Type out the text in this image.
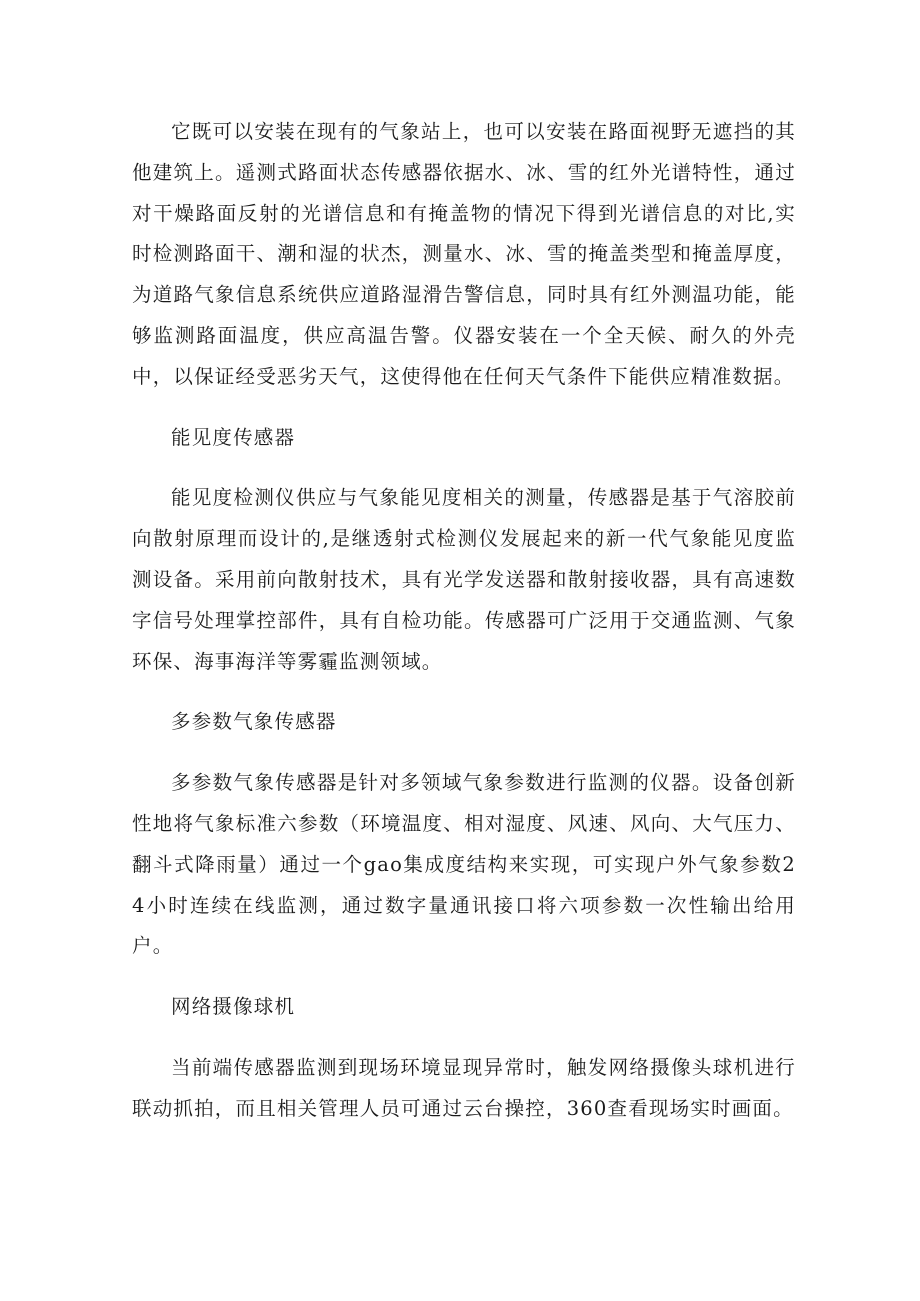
它既可以安装在现有的气象站上，也可以安装在路面视野无遮挡的其他建筑上。遥测式路面状态传感器依据水、冰、雪的红外光谱特性，通过对干燥路面反射的光谱信息和有掩盖物的情况下得到光谱信息的对比,实时检测路面干、潮和湿的状杰，测量水、冰、雪的掩盖类型和掩盖厚度，为道路气象信息系统供应道路湿滑告警信息，同时具有红外测温功能，能够监测路面温度，供应高温告警。仪器安装在一个全天候、耐久的外壳中，以保证经受恶劣天气，这使得他在任何天气条件下能供应精准数据。

能见度传感器

能见度检测仪供应与气象能见度相关的测量，传感器是基于气溶胶前向散射原理而设计的,是继透射式检测仪发展起来的新一代气象能见度监测设备。采用前向散射技术，具有光学发送器和散射接收器，具有高速数字信号处理掌控部件，具有自检功能。传感器可广泛用于交通监测、气象环保、海事海洋等雾霾监测领域。

多参数气象传感器

多参数气象传感器是针对多领域气象参数进行监测的仪器。设备创新性地将气象标准六参数（环境温度、相对湿度、风速、风向、大气压力、翻斗式降雨量）通过一个gao集成度结构来实现，可实现户外气象参数24小时连续在线监测，通过数字量通讯接口将六项参数一次性输出给用户。

网络摄像球机

当前端传感器监测到现场环境显现异常时，触发网络摄像头球机进行联动抓拍，而且相关管理人员可通过云台操控，360查看现场实时画面。
